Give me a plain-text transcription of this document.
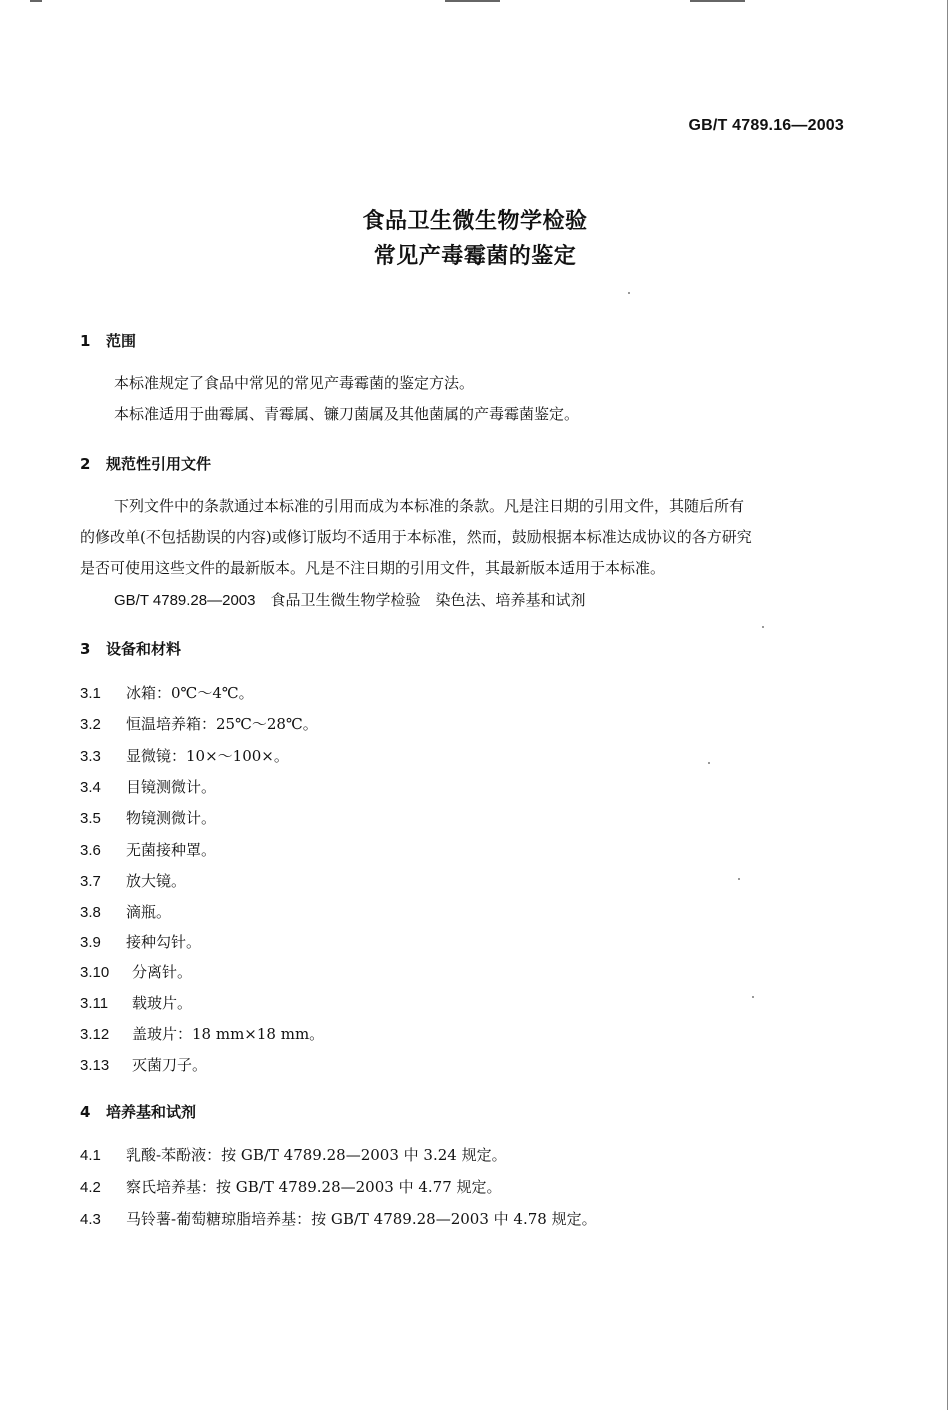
GB/T 4789.16—2003
食品卫生微生物学检验
常见产毒霉菌的鉴定
1 范围
本标准规定了食品中常见的常见产毒霉菌的鉴定方法。
本标准适用于曲霉属、青霉属、镰刀菌属及其他菌属的产毒霉菌鉴定。
2 规范性引用文件
下列文件中的条款通过本标准的引用而成为本标准的条款。凡是注日期的引用文件，其随后所有
的修改单(不包括勘误的内容)或修订版均不适用于本标准，然而，鼓励根据本标准达成协议的各方研究
是否可使用这些文件的最新版本。凡是不注日期的引用文件，其最新版本适用于本标准。
GB/T 4789.28—2003　 食品卫生微生物学检验　染色法、培养基和试剂
3 设备和材料
3.1 冰箱：0℃～4℃。
3.2 恒温培养箱：25℃～28℃。
3.3 显微镜：10×～100×。
3.4 目镜测微计。
3.5 物镜测微计。
3.6 无菌接种罩。
3.7 放大镜。
3.8 滴瓶。
3.9 接种勾针。
3.10 分离针。
3.11 载玻片。
3.12 盖玻片：18 mm×18 mm。
3.13 灭菌刀子。
4 培养基和试剂
4.1 乳酸-苯酚液：按 GB/T 4789.28—2003 中 3.24 规定。
4.2 察氏培养基：按 GB/T 4789.28—2003 中 4.77 规定。
4.3 马铃薯-葡萄糖琼脂培养基：按 GB/T 4789.28—2003 中 4.78 规定。
